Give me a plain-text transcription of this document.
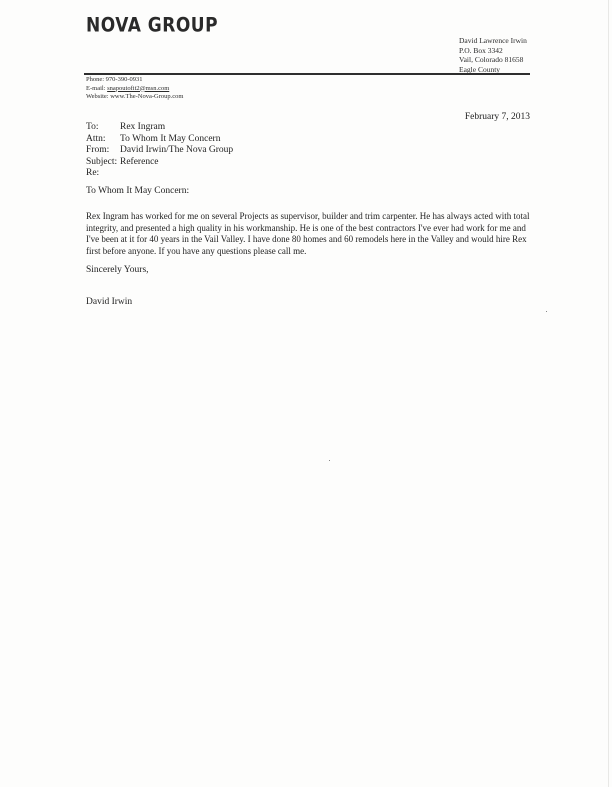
NOVA GROUP
David Lawrence Irwin
P.O. Box 3342
Vail, Colorado 81658
Eagle County
Phone: 970-390-0931
E-mail: snapoutofit2@msn.com
Website: www.The-Nova-Group.com
February 7, 2013
To:	Rex Ingram
Attn:	To Whom It May Concern
From:	David Irwin/The Nova Group
Subject: Reference
Re:
To Whom It May Concern:
Rex Ingram has worked for me on several Projects as supervisor, builder and trim carpenter. He has always acted with total integrity, and presented a high quality in his workmanship. He is one of the best contractors I've ever had work for me and I've been at it for 40 years in the Vail Valley. I have done 80 homes and 60 remodels here in the Valley and would hire Rex first before anyone. If you have any questions please call me.
Sincerely Yours,
David Irwin
